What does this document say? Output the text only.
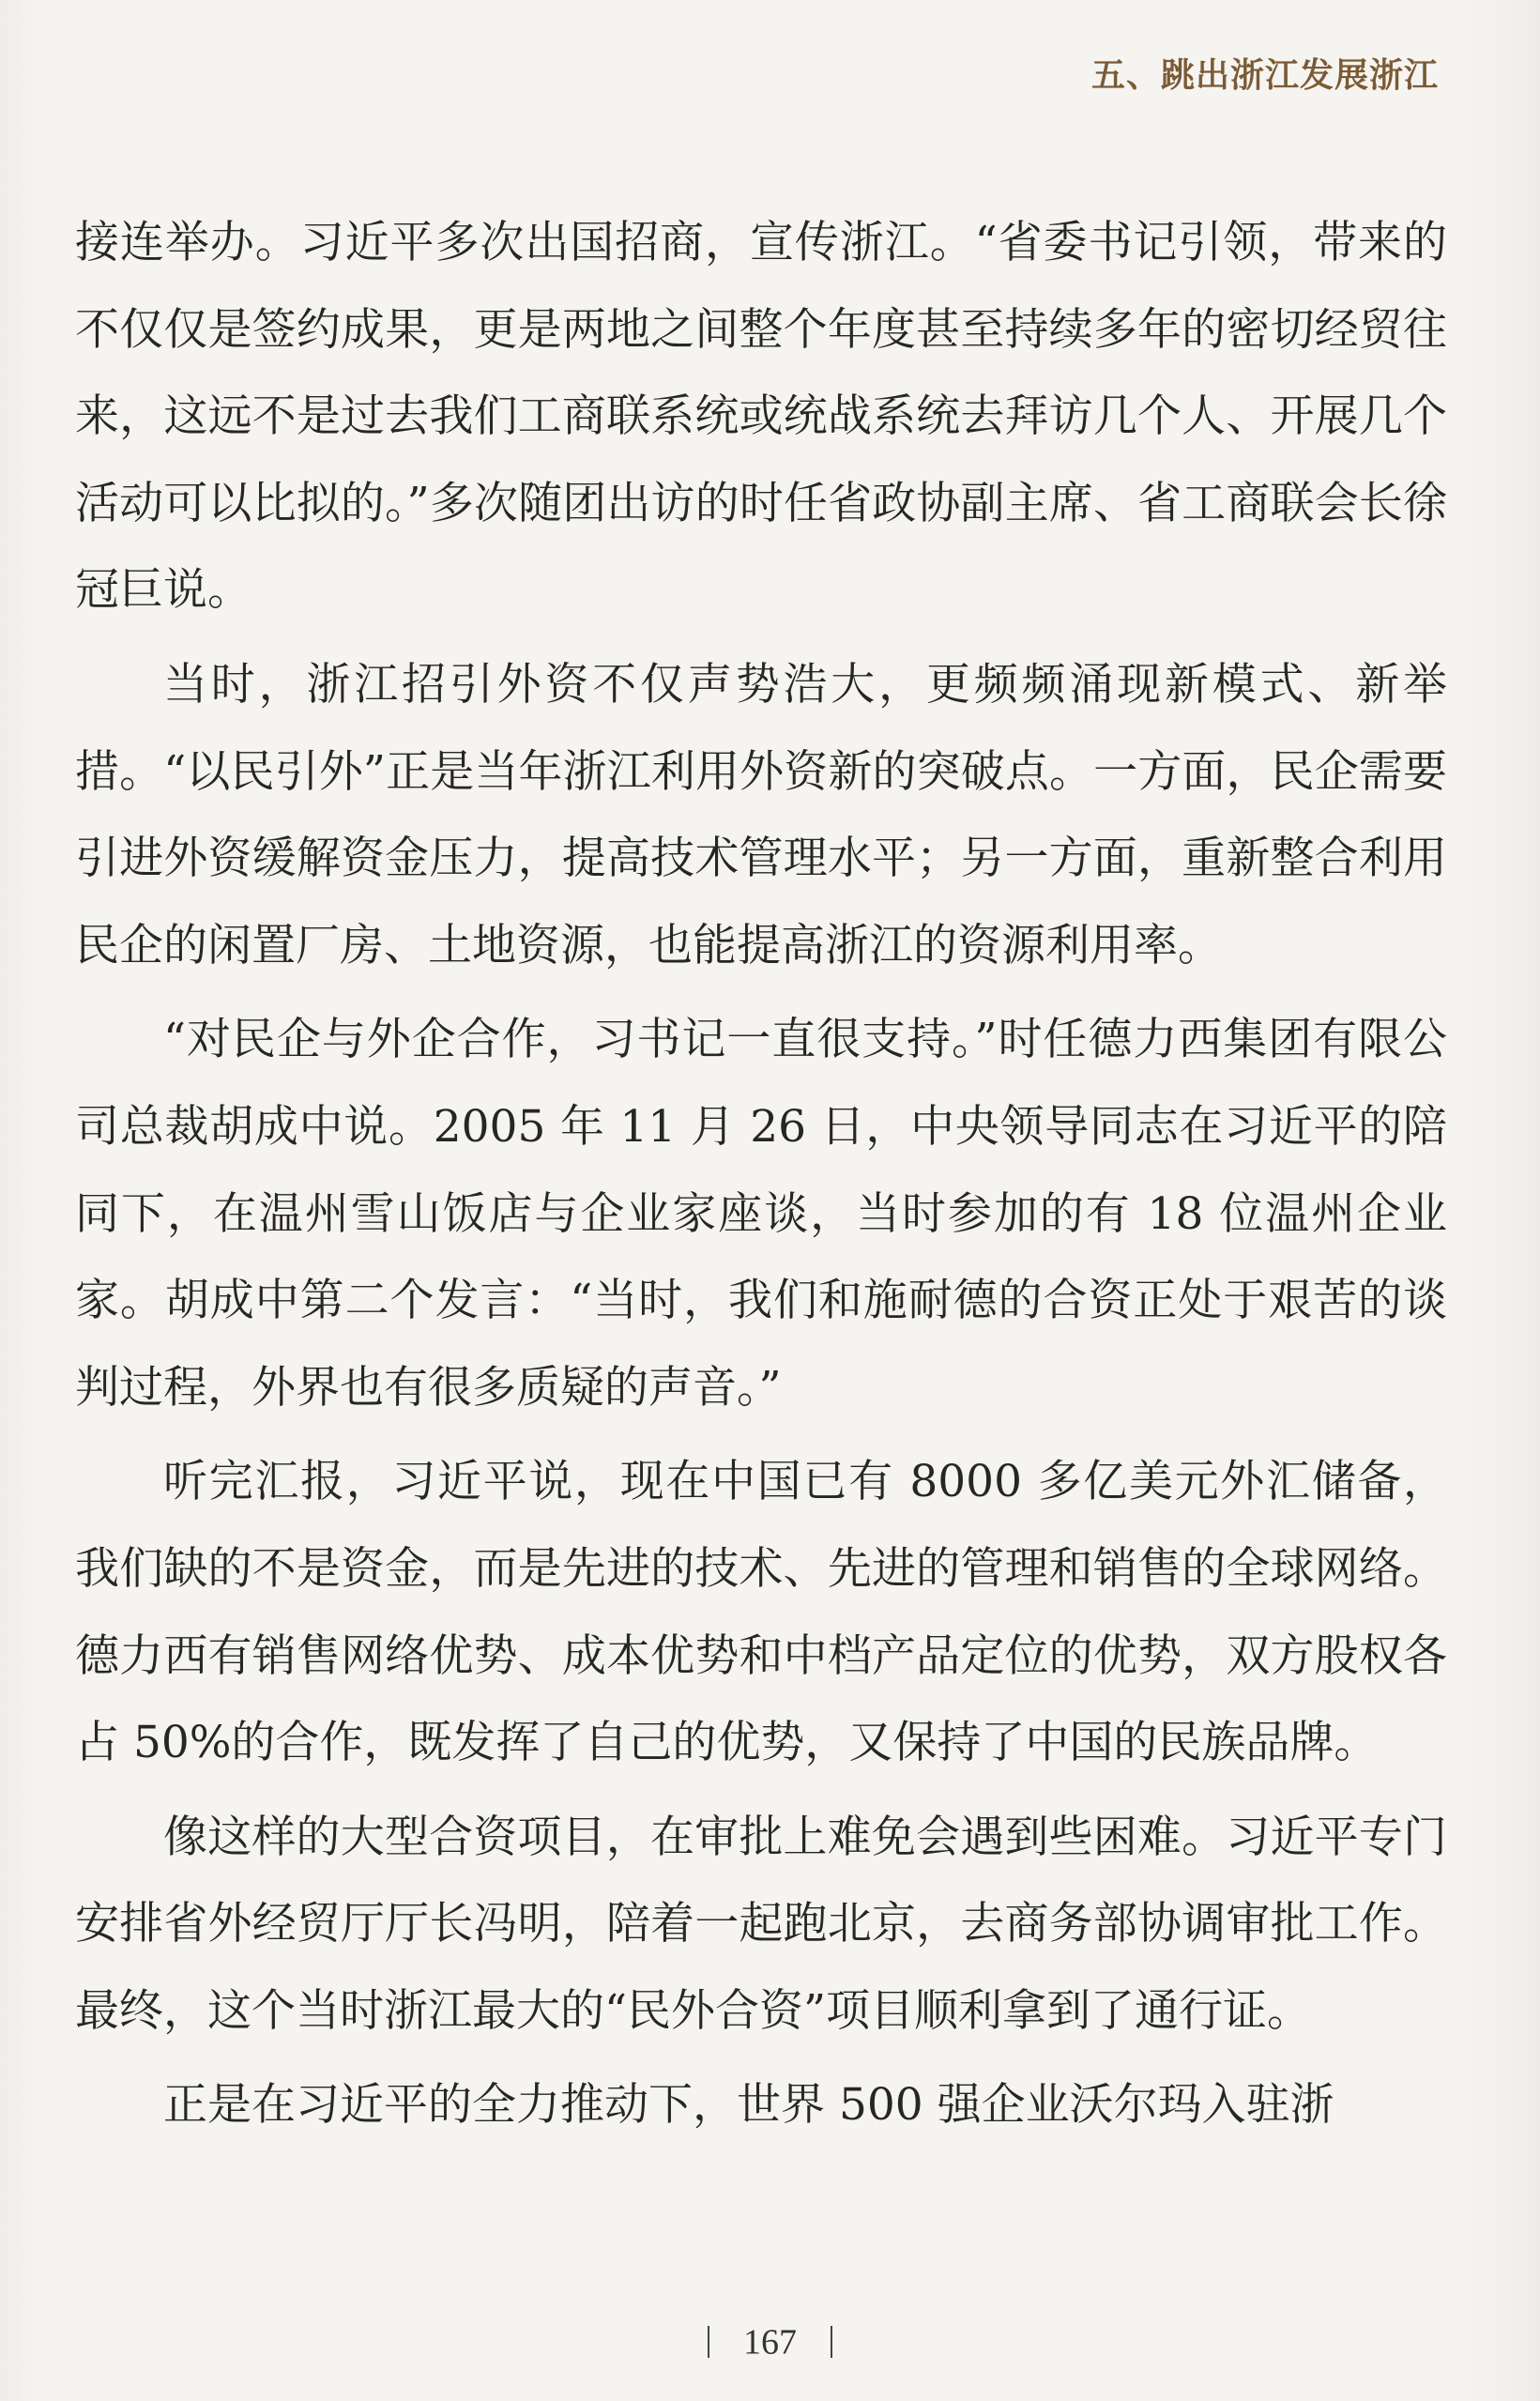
五、跳出浙江发展浙江

接连举办。习近平多次出国招商，宣传浙江。“省委书记引领，带来的不仅仅是签约成果，更是两地之间整个年度甚至持续多年的密切经贸往来，这远不是过去我们工商联系统或统战系统去拜访几个人、开展几个活动可以比拟的。”多次随团出访的时任省政协副主席、省工商联会长徐冠巨说。

当时，浙江招引外资不仅声势浩大，更频频涌现新模式、新举措。“以民引外”正是当年浙江利用外资新的突破点。一方面，民企需要引进外资缓解资金压力，提高技术管理水平；另一方面，重新整合利用民企的闲置厂房、土地资源，也能提高浙江的资源利用率。

“对民企与外企合作，习书记一直很支持。”时任德力西集团有限公司总裁胡成中说。2005 年 11 月 26 日，中央领导同志在习近平的陪同下，在温州雪山饭店与企业家座谈，当时参加的有 18 位温州企业家。胡成中第二个发言：“当时，我们和施耐德的合资正处于艰苦的谈判过程，外界也有很多质疑的声音。”

听完汇报，习近平说，现在中国已有 8000 多亿美元外汇储备，我们缺的不是资金，而是先进的技术、先进的管理和销售的全球网络。德力西有销售网络优势、成本优势和中档产品定位的优势，双方股权各占 50%的合作，既发挥了自己的优势，又保持了中国的民族品牌。

像这样的大型合资项目，在审批上难免会遇到些困难。习近平专门安排省外经贸厅厅长冯明，陪着一起跑北京，去商务部协调审批工作。最终，这个当时浙江最大的“民外合资”项目顺利拿到了通行证。

正是在习近平的全力推动下，世界 500 强企业沃尔玛入驻浙

167
